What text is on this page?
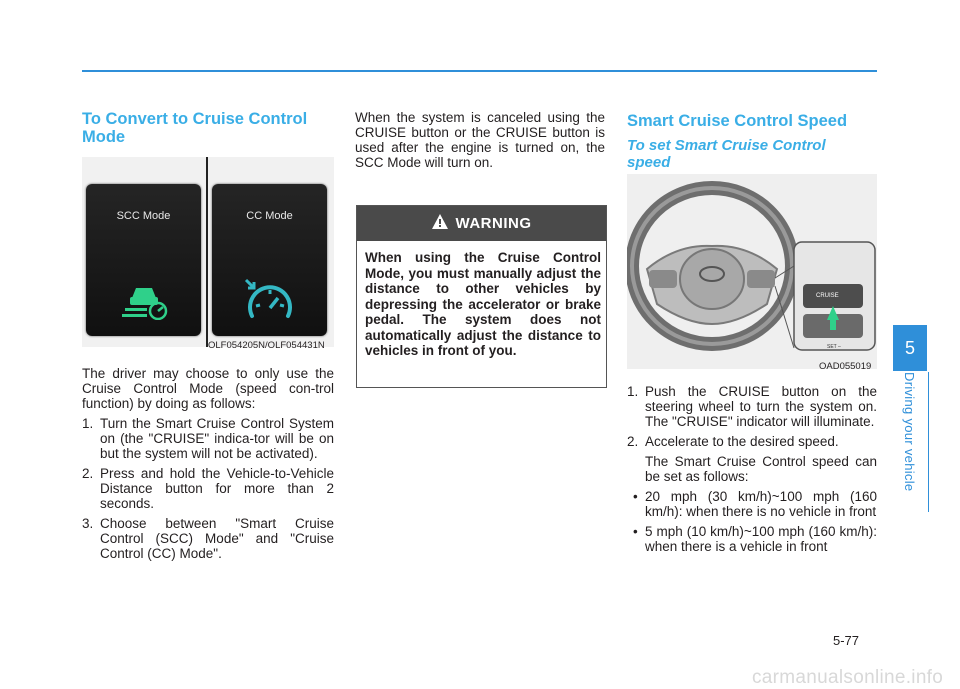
To Convert to Cruise Control Mode
SCC Mode	CC Mode
OLF054205N/OLF054431N

The driver may choose to only use the Cruise Control Mode (speed con-trol function) by doing as follows:

1. Turn the Smart Cruise Control System on (the "CRUISE" indica-tor will be on but the system will not be activated).
2. Press and hold the Vehicle-to-Vehicle Distance button for more than 2 seconds.
3. Choose between "Smart Cruise Control (SCC) Mode" and "Cruise Control (CC) Mode".

When the system is canceled using the CRUISE button or the CRUISE button is used after the engine is turned on, the SCC Mode will turn on.

WARNING
When using the Cruise Control Mode, you must manually adjust the distance to other vehicles by depressing the accelerator or brake pedal. The system does not automatically adjust the distance to vehicles in front of you.
Smart Cruise Control Speed
To set Smart Cruise Control speed
CRUISE
SET –
OAD055019
1. Push the CRUISE button on the steering wheel to turn the system on. The "CRUISE" indicator will illuminate.
2. Accelerate to the desired speed.

The Smart Cruise Control speed can be set as follows:

• 20 mph (30 km/h)~100 mph (160 km/h): when there is no vehicle in front
• 5 mph (10 km/h)~100 mph (160 km/h): when there is a vehicle in front
5
Driving your vehicle
5-77
carmanualsonline.info
